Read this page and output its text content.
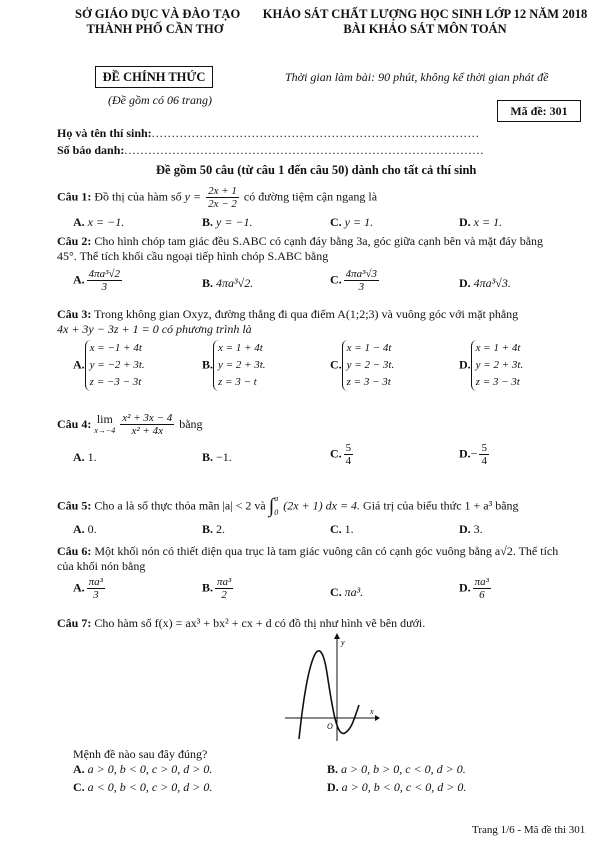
SỞ GIÁO DỤC VÀ ĐÀO TẠO
THÀNH PHỐ CẦN THƠ
KHẢO SÁT CHẤT LƯỢNG HỌC SINH LỚP 12 NĂM 2018
BÀI KHẢO SÁT MÔN TOÁN
ĐỀ CHÍNH THỨC
(Đề gồm có 06 trang)
Thời gian làm bài: 90 phút, không kể thời gian phát đề
Mã đề: 301
Họ và tên thí sinh:..................................................................................
Số báo danh:..........................................................................................
Đề gồm 50 câu (từ câu 1 đến câu 50) dành cho tất cả thí sinh
Câu 1: Đồ thị của hàm số $y = \frac{2x + 1}{2x - 2}$ có đường tiệm cận ngang là
A. x = −1.	B. y = −1.	C. y = 1.	D. x = 1.
Câu 2: Cho hình chóp tam giác đều S.ABC có cạnh đáy bằng 3a, góc giữa cạnh bên và mặt đáy bằng
45°. Thể tích khối cầu ngoại tiếp hình chóp S.ABC bằng
A. $\frac{\text{4πa³√2}}{3}$	B. 4πa³√2.	C. $\frac{\text{4πa³√3}}{3}$	D. 4πa³√3.
Câu 3: Trong không gian Oxyz, đường thẳng đi qua điểm A(1;2;3) và vuông góc với mặt phẳng
4x + 3y − 3z + 1 = 0 có phương trình là
A.
x = −1 + 4t
y = −2 + 3t.
z = −3 − 3t
B.
x = 1 + 4t
y = 2 + 3t.
z = 3 − t
C.
x = 1 − 4t
y = 2 − 3t.
z = 3 − 3t
D.
x = 1 + 4t
y = 2 + 3t.
z = 3 − 3t
Câu 4: lim
x→−4
$\frac{\text{x² + 3x − 4}}{\text{x² + 4x}}$ bằng
A. 1.	B. −1.	C. $\frac{5}{4}$	$D.- \frac{5}{4}$
Câu 5: Cho a là số thực thỏa mãn |a| < 2 và ∫ a
0 (2x + 1) dx = 4. Giá trị của biểu thức 1 + a³ bằng
A. 0.	B. 2.	C. 1.	D. 3.
Câu 6: Một khối nón có thiết diện qua trục là tam giác vuông cân có cạnh góc vuông bằng a√2. Thể tích
của khối nón bằng
A. $\frac{\text{πa³}}{3}$	B. $\frac{\text{πa³}}{2}$	C. πa³.	D. $\frac{\text{πa³}}{6}$
Câu 7: Cho hàm số f(x) = ax³ + bx² + cx + d có đồ thị như hình vẽ bên dưới.
y
x
O
Mệnh đề nào sau đây đúng?
A. a > 0, b < 0, c > 0, d > 0.	B. a > 0, b > 0, c < 0, d > 0.
C. a < 0, b < 0, c > 0, d > 0.	D. a > 0, b < 0, c < 0, d > 0.
Trang 1/6 - Mã đề thi 301
